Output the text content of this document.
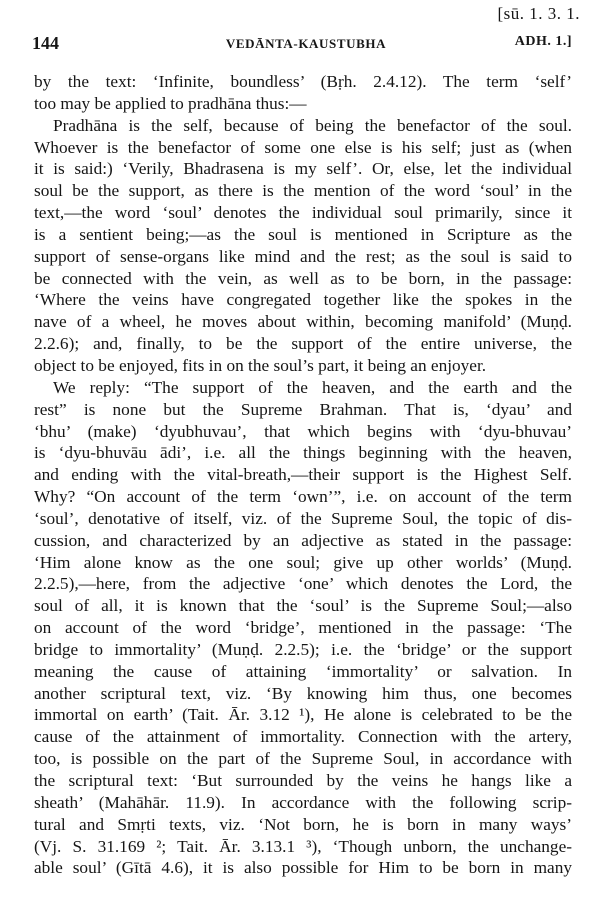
[sū. 1. 3. 1.
144	VEDĀNTA-KAUSTUBHA	ADH. 1.]
by the text: ‘Infinite, boundless’ (Bṛh. 2.4.12). The term ‘self’
too may be applied to pradhāna thus:—
Pradhāna is the self, because of being the benefactor of the soul.
Whoever is the benefactor of some one else is his self; just as (when
it is said:) ‘Verily, Bhadrasena is my self’. Or, else, let the individual
soul be the support, as there is the mention of the word ‘soul’ in the
text,—the word ‘soul’ denotes the individual soul primarily, since it
is a sentient being;—as the soul is mentioned in Scripture as the
support of sense-organs like mind and the rest; as the soul is said to
be connected with the vein, as well as to be born, in the passage:
‘Where the veins have congregated together like the spokes in the
nave of a wheel, he moves about within, becoming manifold’ (Muṇḍ.
2.2.6); and, finally, to be the support of the entire universe, the
object to be enjoyed, fits in on the soul’s part, it being an enjoyer.
We reply: “The support of the heaven, and the earth and the
rest” is none but the Supreme Brahman. That is, ‘dyau’ and
‘bhu’ (make) ‘dyubhuvau’, that which begins with ‘dyu-bhuvau’
is ‘dyu-bhuvāu ādi’, i.e. all the things beginning with the heaven,
and ending with the vital-breath,—their support is the Highest Self.
Why? “On account of the term ‘own’”, i.e. on account of the term
‘soul’, denotative of itself, viz. of the Supreme Soul, the topic of dis-
cussion, and characterized by an adjective as stated in the passage:
‘Him alone know as the one soul; give up other worlds’ (Muṇḍ.
2.2.5),—here, from the adjective ‘one’ which denotes the Lord, the
soul of all, it is known that the ‘soul’ is the Supreme Soul;—also
on account of the word ‘bridge’, mentioned in the passage: ‘The
bridge to immortality’ (Muṇḍ. 2.2.5); i.e. the ‘bridge’ or the support
meaning the cause of attaining ‘immortality’ or salvation. In
another scriptural text, viz. ‘By knowing him thus, one becomes
immortal on earth’ (Tait. Ār. 3.12 ¹), He alone is celebrated to be the
cause of the attainment of immortality. Connection with the artery,
too, is possible on the part of the Supreme Soul, in accordance with
the scriptural text: ‘But surrounded by the veins he hangs like a
sheath’ (Mahāhār. 11.9). In accordance with the following scrip-
tural and Smṛti texts, viz. ‘Not born, he is born in many ways’
(Vj. S. 31.169 ²; Tait. Ār. 3.13.1 ³), ‘Though unborn, the unchange-
able soul’ (Gītā 4.6), it is also possible for Him to be born in many
